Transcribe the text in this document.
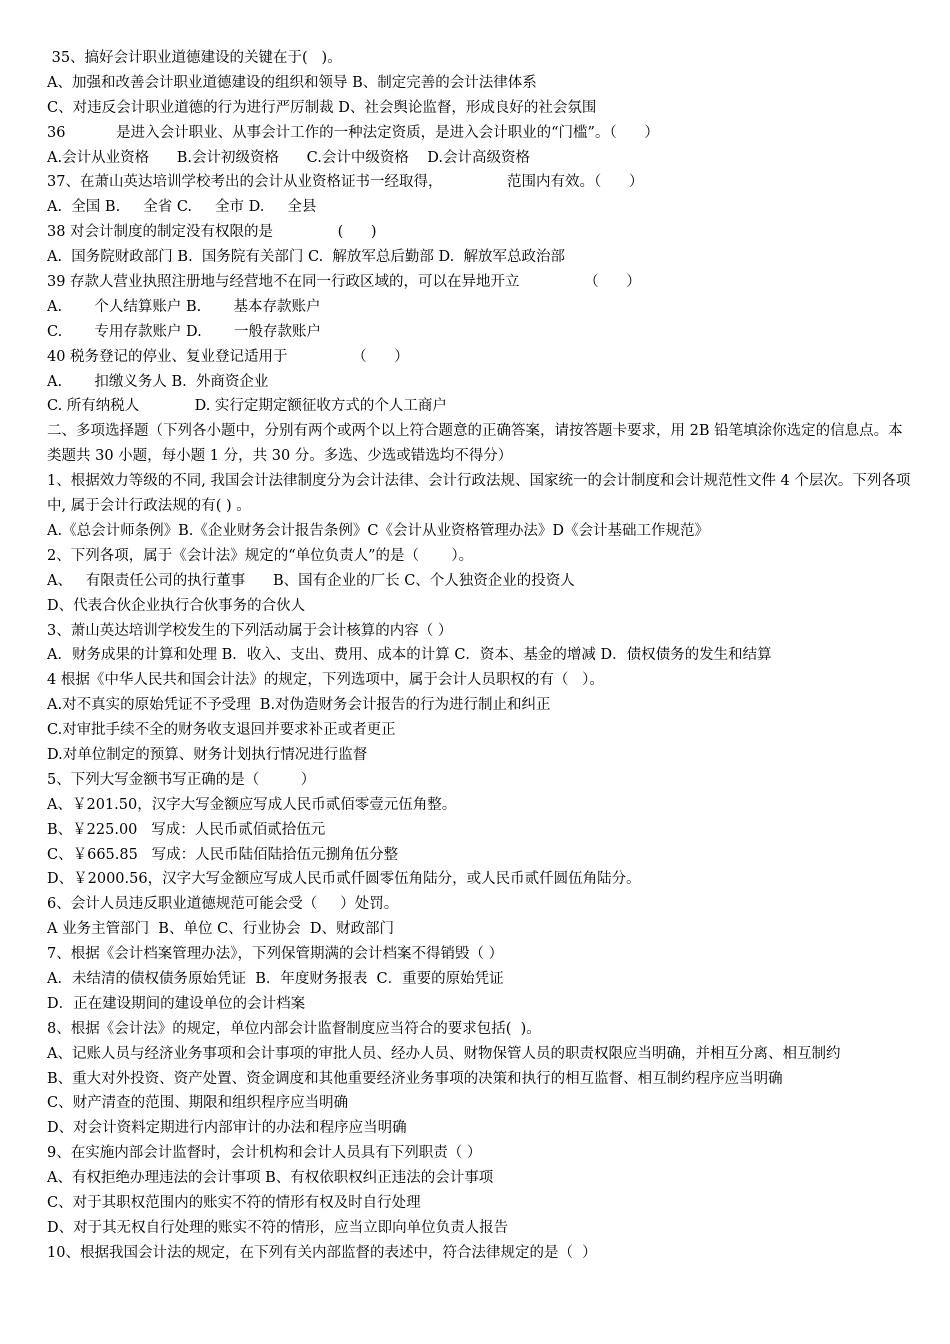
35、搞好会计职业道德建设的关键在于(   )。
A、加强和改善会计职业道德建设的组织和领导 B、制定完善的会计法律体系
C、对违反会计职业道德的行为进行严厉制裁 D、社会舆论监督，形成良好的社会氛围
36           是进入会计职业、从事会计工作的一种法定资质，是进入会计职业的“门槛”。（      ）
A.会计从业资格      B.会计初级资格      C.会计中级资格    D.会计高级资格
37、在萧山英达培训学校考出的会计从业资格证书一经取得，              范围内有效。（      ）
A.  全国 B.     全省 C.     全市 D.     全县
38 对会计制度的制定没有权限的是              (      )
A.  国务院财政部门 B.  国务院有关部门 C.  解放军总后勤部 D.  解放军总政治部
39 存款人营业执照注册地与经营地不在同一行政区域的，可以在异地开立              （      ）
A.       个人结算账户 B.       基本存款账户
C.       专用存款账户 D.       一般存款账户
40 税务登记的停业、复业登记适用于              （      ）
A.       扣缴义务人 B.  外商资企业
C. 所有纳税人            D. 实行定期定额征收方式的个人工商户
二、多项选择题（下列各小题中，分别有两个或两个以上符合题意的正确答案，请按答题卡要求，用 2B 铅笔填涂你选定的信息点。本类题共 30 小题，每小题 1 分，共 30 分。多选、少选或错选均不得分）
1、根据效力等级的不同, 我国会计法律制度分为会计法律、会计行政法规、国家统一的会计制度和会计规范性文件 4 个层次。下列各项中, 属于会计行政法规的有( ) 。
A.《总会计师条例》B.《企业财务会计报告条例》C《会计从业资格管理办法》D《会计基础工作规范》
2、下列各项，属于《会计法》规定的“单位负责人”的是（       ）。
A、   有限责任公司的执行董事      B、国有企业的厂长 C、个人独资企业的投资人
D、代表合伙企业执行合伙事务的合伙人
3、萧山英达培训学校发生的下列活动属于会计核算的内容（ ）
A．财务成果的计算和处理 B．收入、支出、费用、成本的计算 C．资本、基金的增减 D．债权债务的发生和结算
4 根据《中华人民共和国会计法》的规定，下列选项中，属于会计人员职权的有（   ）。
A.对不真实的原始凭证不予受理  B.对伪造财务会计报告的行为进行制止和纠正
C.对审批手续不全的财务收支退回并要求补正或者更正
D.对单位制定的预算、财务计划执行情况进行监督
5、下列大写金额书写正确的是（         ）
A、￥201.50，汉字大写金额应写成人民币贰佰零壹元伍角整。
B、￥225.00   写成：人民币贰佰贰拾伍元
C、￥665.85   写成：人民币陆佰陆拾伍元捌角伍分整
D、￥2000.56，汉字大写金额应写成人民币贰仟圆零伍角陆分，或人民币贰仟圆伍角陆分。
6、会计人员违反职业道德规范可能会受（     ）处罚。
A 业务主管部门  B、单位 C、行业协会  D、财政部门
7、根据《会计档案管理办法》，下列保管期满的会计档案不得销毁（ ）
A．未结清的债权债务原始凭证  B．年度财务报表  C．重要的原始凭证
D．正在建设期间的建设单位的会计档案
8、根据《会计法》的规定，单位内部会计监督制度应当符合的要求包括(  )。
A、记账人员与经济业务事项和会计事项的审批人员、经办人员、财物保管人员的职责权限应当明确，并相互分离、相互制约
B、重大对外投资、资产处置、资金调度和其他重要经济业务事项的决策和执行的相互监督、相互制约程序应当明确
C、财产清查的范围、期限和组织程序应当明确
D、对会计资料定期进行内部审计的办法和程序应当明确
9、在实施内部会计监督时，会计机构和会计人员具有下列职责（ ）
A、有权拒绝办理违法的会计事项 B、有权依职权纠正违法的会计事项
C、对于其职权范围内的账实不符的情形有权及时自行处理
D、对于其无权自行处理的账实不符的情形，应当立即向单位负责人报告
10、根据我国会计法的规定，在下列有关内部监督的表述中，符合法律规定的是（  ）
